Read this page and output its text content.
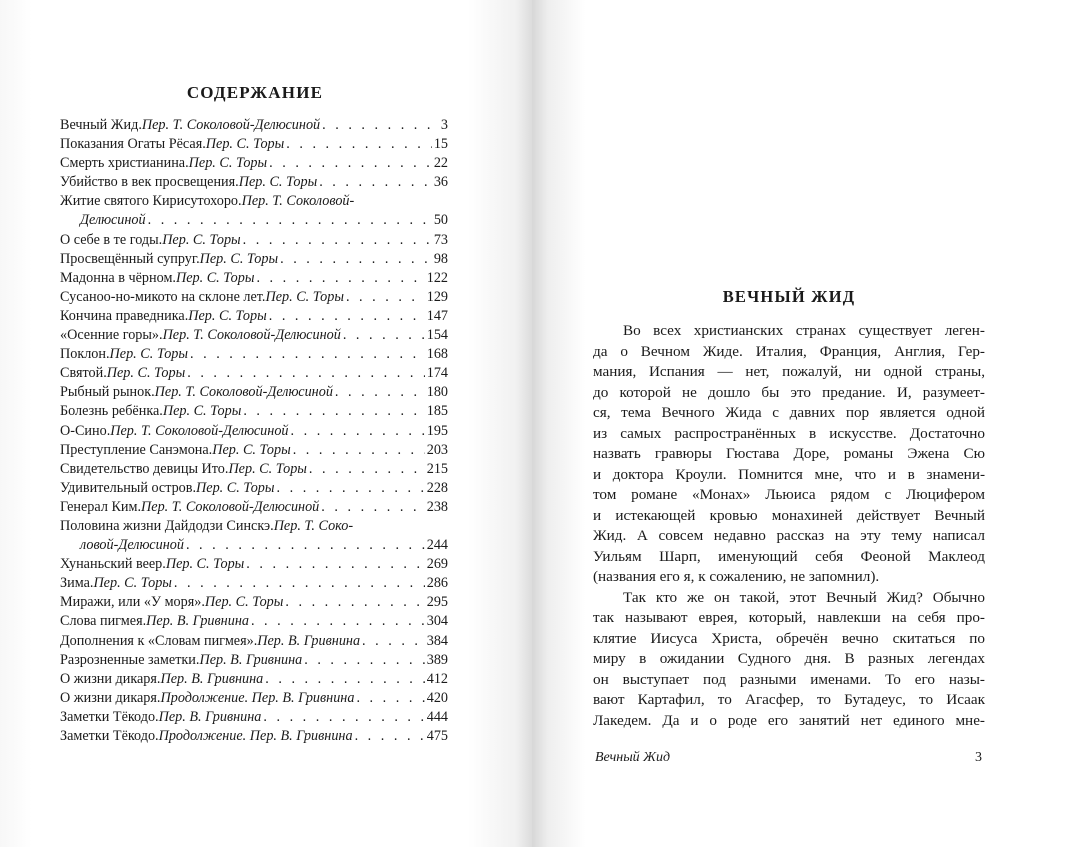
СОДЕРЖАНИЕ
Вечный Жид. Пер. Т. Соколовой-Делюсиной . . .	3
Показания Огаты Рёсая. Пер. С. Торы . . .	15
Смерть христианина. Пер. С. Торы . . .	22
Убийство в век просвещения. Пер. С. Торы . . .	36
Житие святого Кирисутохоро. Пер. Т. Соколовой-
Делюсиной . . .	50
О себе в те годы. Пер. С. Торы . . .	73
Просвещённый супруг. Пер. С. Торы . . .	98
Мадонна в чёрном. Пер. С. Торы . . .	122
Сусаноо-но-микото на склоне лет. Пер. С. Торы . . .	129
Кончина праведника. Пер. С. Торы . . .	147
«Осенние горы». Пер. Т. Соколовой-Делюсиной . . .	154
Поклон. Пер. С. Торы . . .	168
Святой. Пер. С. Торы . . .	174
Рыбный рынок. Пер. Т. Соколовой-Делюсиной . . .	180
Болезнь ребёнка. Пер. С. Торы . . .	185
О-Сино. Пер. Т. Соколовой-Делюсиной . . .	195
Преступление Санэмона. Пер. С. Торы . . .	203
Свидетельство девицы Ито. Пер. С. Торы . . .	215
Удивительный остров. Пер. С. Торы . . .	228
Генерал Ким. Пер. Т. Соколовой-Делюсиной . . .	238
Половина жизни Дайдодзи Синскэ. Пер. Т. Соко-
ловой-Делюсиной . . .	244
Хунаньский веер. Пер. С. Торы . . .	269
Зима. Пер. С. Торы . . .	286
Миражи, или «У моря». Пер. С. Торы . . .	295
Слова пигмея. Пер. В. Гривнина . . .	304
Дополнения к «Словам пигмея». Пер. В. Гривнина . . .	384
Разрозненные заметки. Пер. В. Гривнина . . .	389
О жизни дикаря. Пер. В. Гривнина . . .	412
О жизни дикаря. Продолжение. Пер. В. Гривнина . . .	420
Заметки Тёкодо. Пер. В. Гривнина . . .	444
Заметки Тёкодо. Продолжение. Пер. В. Гривнина . . .	475
ВЕЧНЫЙ ЖИД
Во всех христианских странах существует леген-
да о Вечном Жиде. Италия, Франция, Англия, Гер-
мания, Испания — нет, пожалуй, ни одной страны,
до которой не дошло бы это предание. И, разумеет-
ся, тема Вечного Жида с давних пор является одной
из самых распространённых в искусстве. Достаточно
назвать гравюры Гюстава Доре, романы Эжена Сю
и доктора Кроули. Помнится мне, что и в знамени-
том романе «Монах» Льюиса рядом с Люцифером
и истекающей кровью монахиней действует Вечный
Жид. А совсем недавно рассказ на эту тему написал
Уильям Шарп, именующий себя Феоной Маклеод
(названия его я, к сожалению, не запомнил).
Так кто же он такой, этот Вечный Жид? Обычно
так называют еврея, который, навлекши на себя про-
клятие Иисуса Христа, обречён вечно скитаться по
миру в ожидании Судного дня. В разных легендах
он выступает под разными именами. То его назы-
вают Картафил, то Агасфер, то Бутадеус, то Исаак
Лакедем. Да и о роде его занятий нет единого мне-
Вечный Жид	3
